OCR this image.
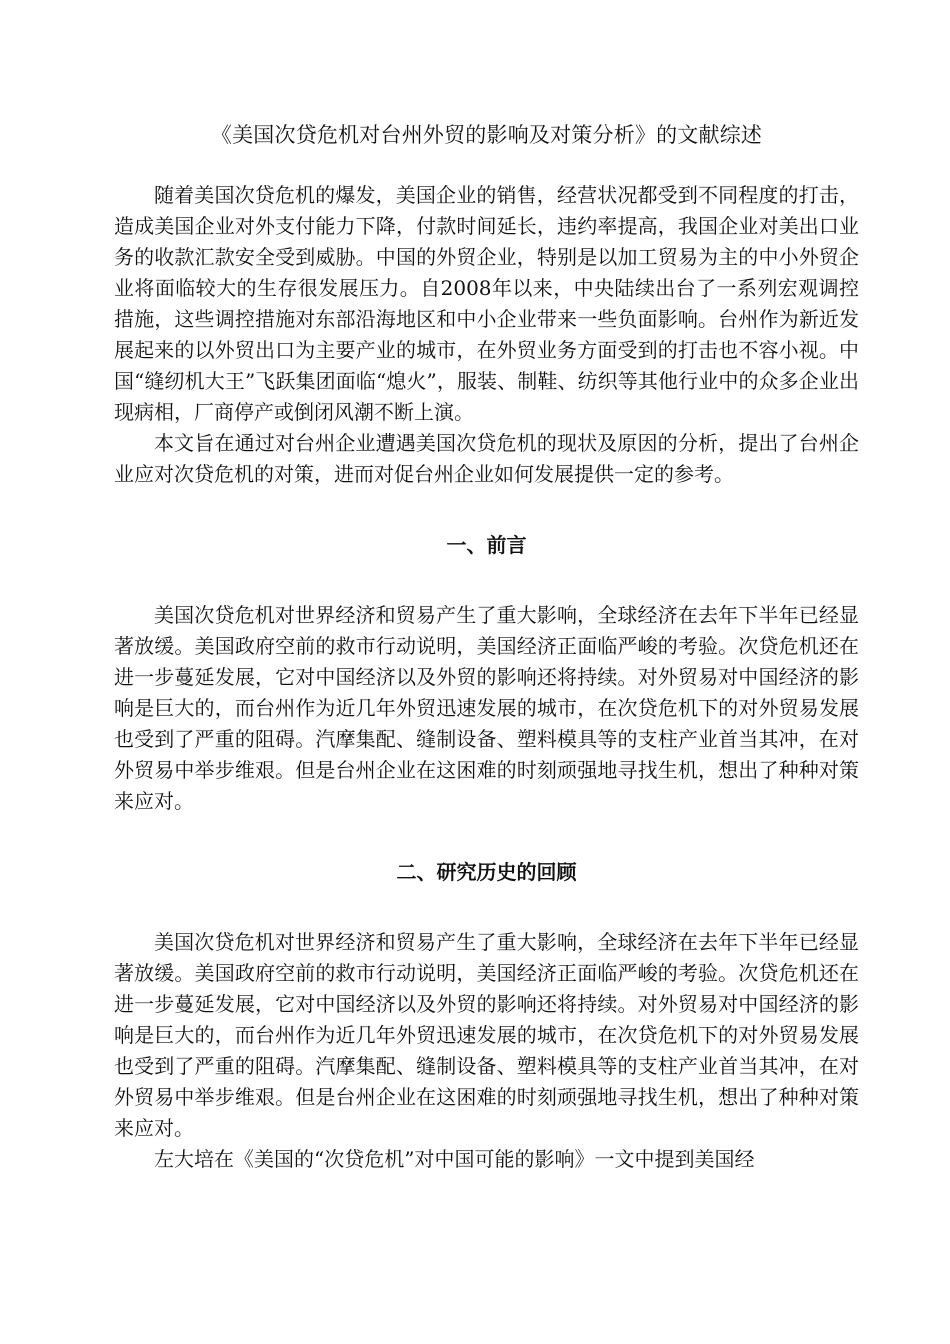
《美国次贷危机对台州外贸的影响及对策分析》的文献综述

随着美国次贷危机的爆发，美国企业的销售，经营状况都受到不同程度的打击，造成美国企业对外支付能力下降，付款时间延长，违约率提高，我国企业对美出口业务的收款汇款安全受到威胁。中国的外贸企业，特别是以加工贸易为主的中小外贸企业将面临较大的生存很发展压力。自2008年以来，中央陆续出台了一系列宏观调控措施，这些调控措施对东部沿海地区和中小企业带来一些负面影响。台州作为新近发展起来的以外贸出口为主要产业的城市，在外贸业务方面受到的打击也不容小视。中国“缝纫机大王”飞跃集团面临“熄火”，服装、制鞋、纺织等其他行业中的众多企业出现病相，厂商停产或倒闭风潮不断上演。

本文旨在通过对台州企业遭遇美国次贷危机的现状及原因的分析，提出了台州企业应对次贷危机的对策，进而对促台州企业如何发展提供一定的参考。

一、前言

美国次贷危机对世界经济和贸易产生了重大影响，全球经济在去年下半年已经显著放缓。美国政府空前的救市行动说明，美国经济正面临严峻的考验。次贷危机还在进一步蔓延发展，它对中国经济以及外贸的影响还将持续。对外贸易对中国经济的影响是巨大的，而台州作为近几年外贸迅速发展的城市，在次贷危机下的对外贸易发展也受到了严重的阻碍。汽摩集配、缝制设备、塑料模具等的支柱产业首当其冲，在对外贸易中举步维艰。但是台州企业在这困难的时刻顽强地寻找生机，想出了种种对策来应对。

二、研究历史的回顾

美国次贷危机对世界经济和贸易产生了重大影响，全球经济在去年下半年已经显著放缓。美国政府空前的救市行动说明，美国经济正面临严峻的考验。次贷危机还在进一步蔓延发展，它对中国经济以及外贸的影响还将持续。对外贸易对中国经济的影响是巨大的，而台州作为近几年外贸迅速发展的城市，在次贷危机下的对外贸易发展也受到了严重的阻碍。汽摩集配、缝制设备、塑料模具等的支柱产业首当其冲，在对外贸易中举步维艰。但是台州企业在这困难的时刻顽强地寻找生机，想出了种种对策来应对。

左大培在《美国的“次贷危机”对中国可能的影响》一文中提到美国经
